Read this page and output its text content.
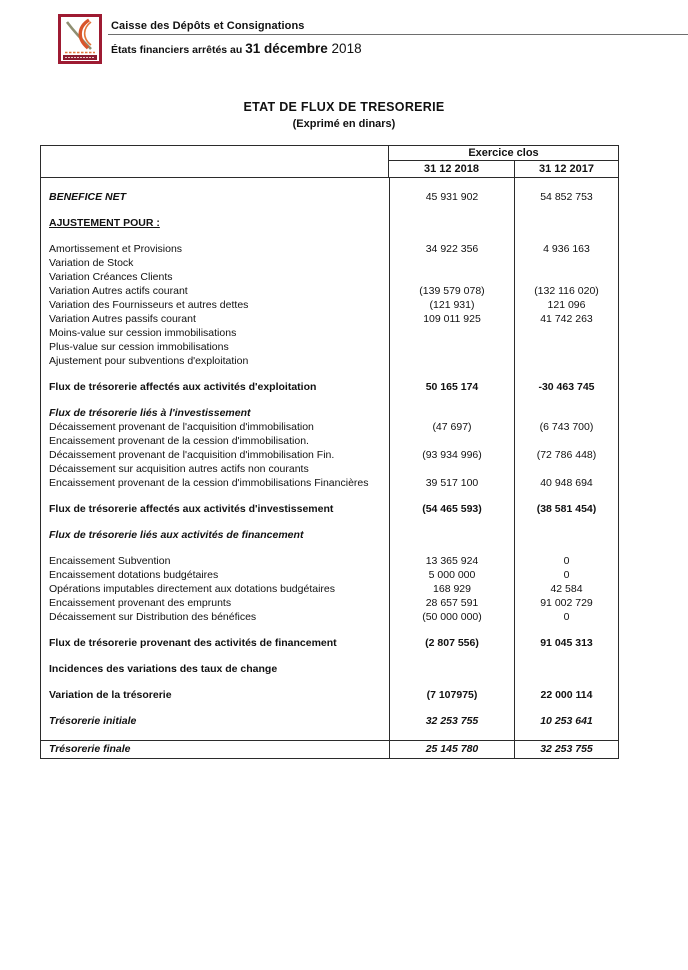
Caisse des Dépôts et Consignations
États financiers arrêtés au 31 décembre 2018
ETAT DE FLUX DE TRESORERIE
(Exprimé en dinars)
Exercice clos
31 12 2018	31 12 2017
BENEFICE NET	45 931 902	54 852 753
AJUSTEMENT POUR :
Amortissement et Provisions	34 922 356	4 936 163
Variation de Stock
Variation Créances Clients
Variation Autres actifs courant	(139 579 078)	(132 116 020)
Variation des Fournisseurs et autres dettes	(121 931)	121 096
Variation Autres passifs courant	109 011 925	41 742 263
Moins-value sur cession immobilisations
Plus-value sur cession immobilisations
Ajustement pour subventions d'exploitation
Flux de trésorerie affectés aux activités d'exploitation	50 165 174	-30 463 745
Flux de trésorerie liés à l'investissement
Décaissement provenant de l'acquisition d'immobilisation	(47 697)	(6 743 700)
Encaissement provenant de la cession d'immobilisation.
Décaissement provenant de l'acquisition d'immobilisation Fin.	(93 934 996)	(72 786 448)
Décaissement sur acquisition autres actifs non courants
Encaissement provenant de la cession d'immobilisations Financières	39 517 100	40 948 694
Flux de trésorerie affectés aux activités d'investissement	(54 465 593)	(38 581 454)
Flux de trésorerie liés aux activités de financement
Encaissement Subvention	13 365 924	0
Encaissement dotations budgétaires	5 000 000	0
Opérations imputables directement aux dotations budgétaires	168 929	42 584
Encaissement provenant des emprunts	28 657 591	91 002 729
Décaissement sur Distribution des bénéfices	(50 000 000)	0
Flux de trésorerie provenant des activités de financement	(2 807 556)	91 045 313
Incidences des variations des taux de change
Variation de la trésorerie	(7 107975)	22 000 114
Trésorerie initiale	32 253 755	10 253 641
Trésorerie finale	25 145 780	32 253 755
